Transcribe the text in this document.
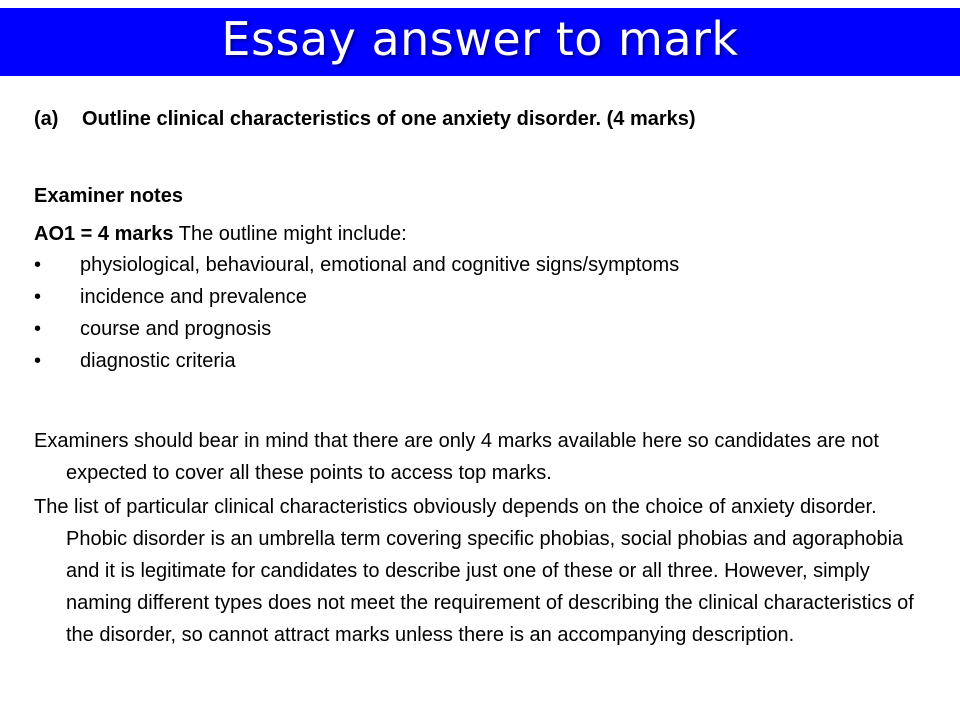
Essay answer to mark
(a)	Outline clinical characteristics of one anxiety disorder. (4 marks)
Examiner notes
AO1 = 4 marks The outline might include:
•	physiological, behavioural, emotional and cognitive signs/symptoms
•	incidence and prevalence
•	course and prognosis
•	diagnostic criteria

Examiners should bear in mind that there are only 4 marks available here so candidates are not expected to cover all these points to access top marks.

The list of particular clinical characteristics obviously depends on the choice of anxiety disorder. Phobic disorder is an umbrella term covering specific phobias, social phobias and agoraphobia and it is legitimate for candidates to describe just one of these or all three. However, simply naming different types does not meet the requirement of describing the clinical characteristics of the disorder, so cannot attract marks unless there is an accompanying description.
